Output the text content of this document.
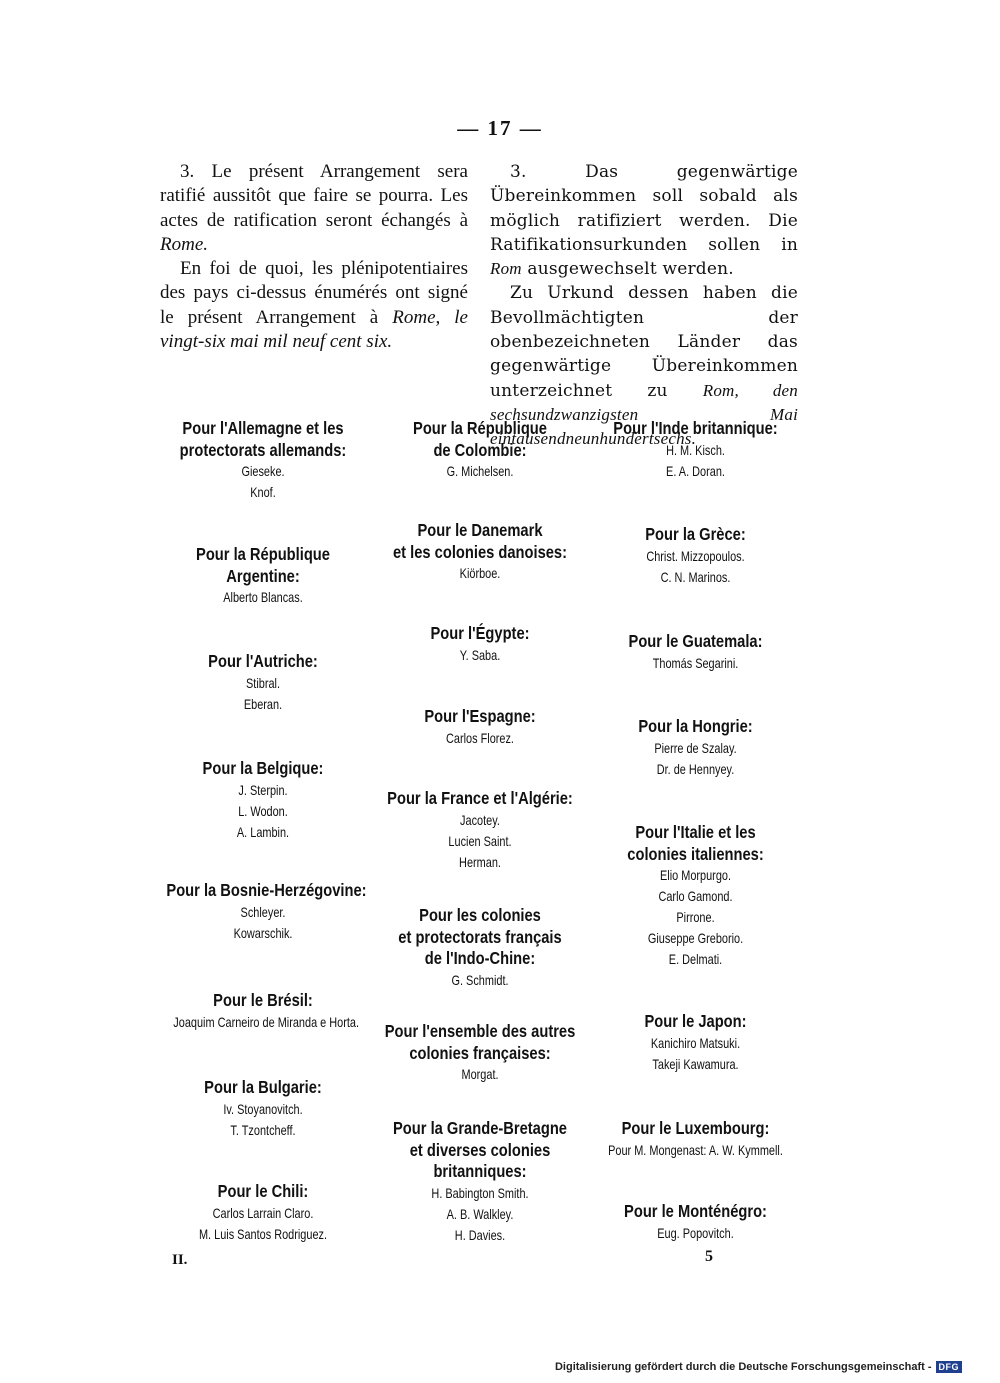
— 17 —

3. Le présent Arrangement sera ratifié aussitôt que faire se pourra. Les actes de ratification seront échangés à Rome.

En foi de quoi, les plénipotentiaires des pays ci-dessus énumérés ont signé le présent Arrangement à Rome, le vingt-six mai mil neuf cent six.

3. Das gegenwärtige Übereinkommen soll sobald als möglich ratifiziert werden. Die Ratifikationsurkunden sollen in Rom ausgewechselt werden.

Zu Urkund dessen haben die Bevollmächtigten der obenbezeichneten Länder das gegenwärtige Übereinkommen unterzeichnet zu Rom, den sechsundzwanzigsten Mai eintausendneunhundertsechs.

Pour l'Allemagne et les
protectorats allemands:
Gieseke.
Knof.
Pour la République
Argentine:
Alberto Blancas.
Pour l'Autriche:
Stibral.
Eberan.
Pour la Belgique:
J. Sterpin.
L. Wodon.
A. Lambin.
Pour la Bosnie-Herzégovine:
Schleyer.
Kowarschik.
Pour le Brésil:
Joaquim Carneiro de Miranda e Horta.
Pour la Bulgarie:
Iv. Stoyanovitch.
T. Tzontcheff.
Pour le Chili:
Carlos Larrain Claro.
M. Luis Santos Rodriguez.
Pour la République
de Colombie:
G. Michelsen.
Pour le Danemark
et les colonies danoises:
Kiörboe.
Pour l'Égypte:
Y. Saba.
Pour l'Espagne:
Carlos Florez.
Pour la France et l'Algérie:
Jacotey.
Lucien Saint.
Herman.
Pour les colonies
et protectorats français
de l'Indo-Chine:
G. Schmidt.
Pour l'ensemble des autres
colonies françaises:
Morgat.
Pour la Grande-Bretagne
et diverses colonies
britanniques:
H. Babington Smith.
A. B. Walkley.
H. Davies.
Pour l'Inde britannique:
H. M. Kisch.
E. A. Doran.
Pour la Grèce:
Christ. Mizzopoulos.
C. N. Marinos.
Pour le Guatemala:
Thomás Segarini.
Pour la Hongrie:
Pierre de Szalay.
Dr. de Hennyey.
Pour l'Italie et les
colonies italiennes:
Elio Morpurgo.
Carlo Gamond.
Pirrone.
Giuseppe Greborio.
E. Delmati.
Pour le Japon:
Kanichiro Matsuki.
Takeji Kawamura.
Pour le Luxembourg:
Pour M. Mongenast: A. W. Kymmell.
Pour le Monténégro:
Eug. Popovitch.
II.	5
Digitalisierung gefördert durch die Deutsche Forschungsgemeinschaft - DFG
